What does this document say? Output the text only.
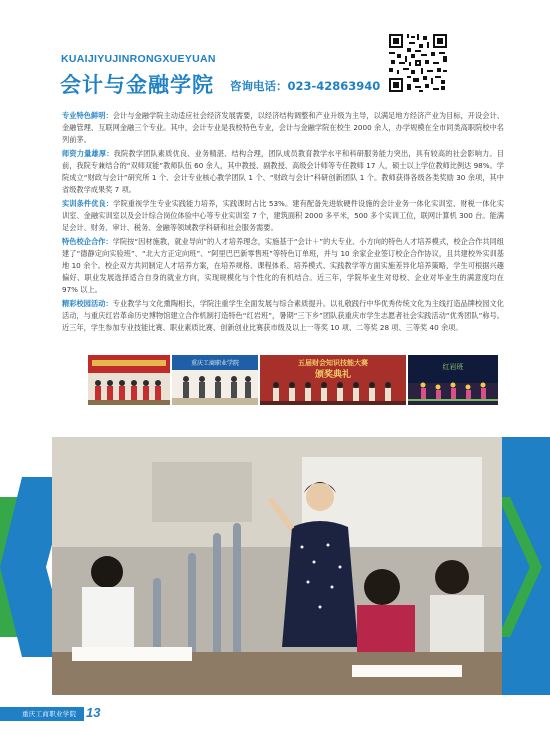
KUAIJIYUJINRONGXUEYUAN
会计与金融学院 咨询电话：023-42863940

专业特色鲜明：会计与金融学院主动适应社会经济发展需要，以经济结构调整和产业升级为主导，以满足地方经济产业为目标，开设会计、金融管理、互联网金融三个专业。其中，会计专业是我校特色专业，会计与金融学院在校生 2000 余人，办学规模在全市同类高职院校中名列前茅。

师资力量雄厚：我院教学团队素质优良、业务精湛、结构合理，团队成员教育教学水平和科研服务能力突出，具有较高的社会影响力。目前，我院专兼结合的“双师双能”教师队伍 60 余人，其中教授、副教授、高级会计师等专任教师 17 人，硕士以上学位教师比例达 98%。学院成立“财政与会计”研究所 1 个、会计专业核心教学团队 1 个、“财政与会计”科研创新团队 1 个。教师获得各级各类奖励 30 余项，其中省级教学成果奖 7 项。

实训条件优良：学院重视学生专业实践能力培养，实践课时占比 53%。建有配备先进软硬件设施的会计业务一体化实训室、财税一体化实训室、金融实训室以及会计综合岗位体验中心等专业实训室 7 个，建筑面积 2000 多平米，500 多个实训工位，联网计算机 300 台。能满足会计、财务、审计、税务、金融等领域教学科研和社会服务需要。

特色校企合作：学院按“因材施教，就业导向”的人才培养理念，实施基于“会计＋”的大专业、小方向的特色人才培养模式，校企合作共同组建了“德静定向实验班”、“北大方正定向班”、“阿里巴巴新零售班”等特色订单班，并与 10 余家企业签订校企合作协议，且共建校外实训基地 10 余个。校企双方共同制定人才培养方案，在培养规格、课程体系、培养模式、实践教学等方面实施差异化培养策略，学生可根据兴趣偏好、职业发展选择适合自身的就业方向，实现规模化与个性化的有机结合。近三年，学院毕业生对母校、企业对毕业生的满意度均在 97% 以上。

精彩校园活动：专业教学与文化熏陶相长，学院注重学生全面发展与综合素质提升。以礼敬践行中华优秀传统文化为主线打造品牌校园文化活动，与重庆红岩革命历史博物馆建立合作机制打造特色“红岩班”，暑期“三下乡”团队获重庆市学生志愿者社会实践活动“优秀团队”称号。近三年，学生参加专业技能比赛、职业素质比赛、创新创业比赛获市级及以上一等奖 10 项、二等奖 28 项、三等奖 40 余项。

重庆工商职业学院	五届财会知识技能大赛
颁奖典礼
红岩班
重庆工商职业学院 13
